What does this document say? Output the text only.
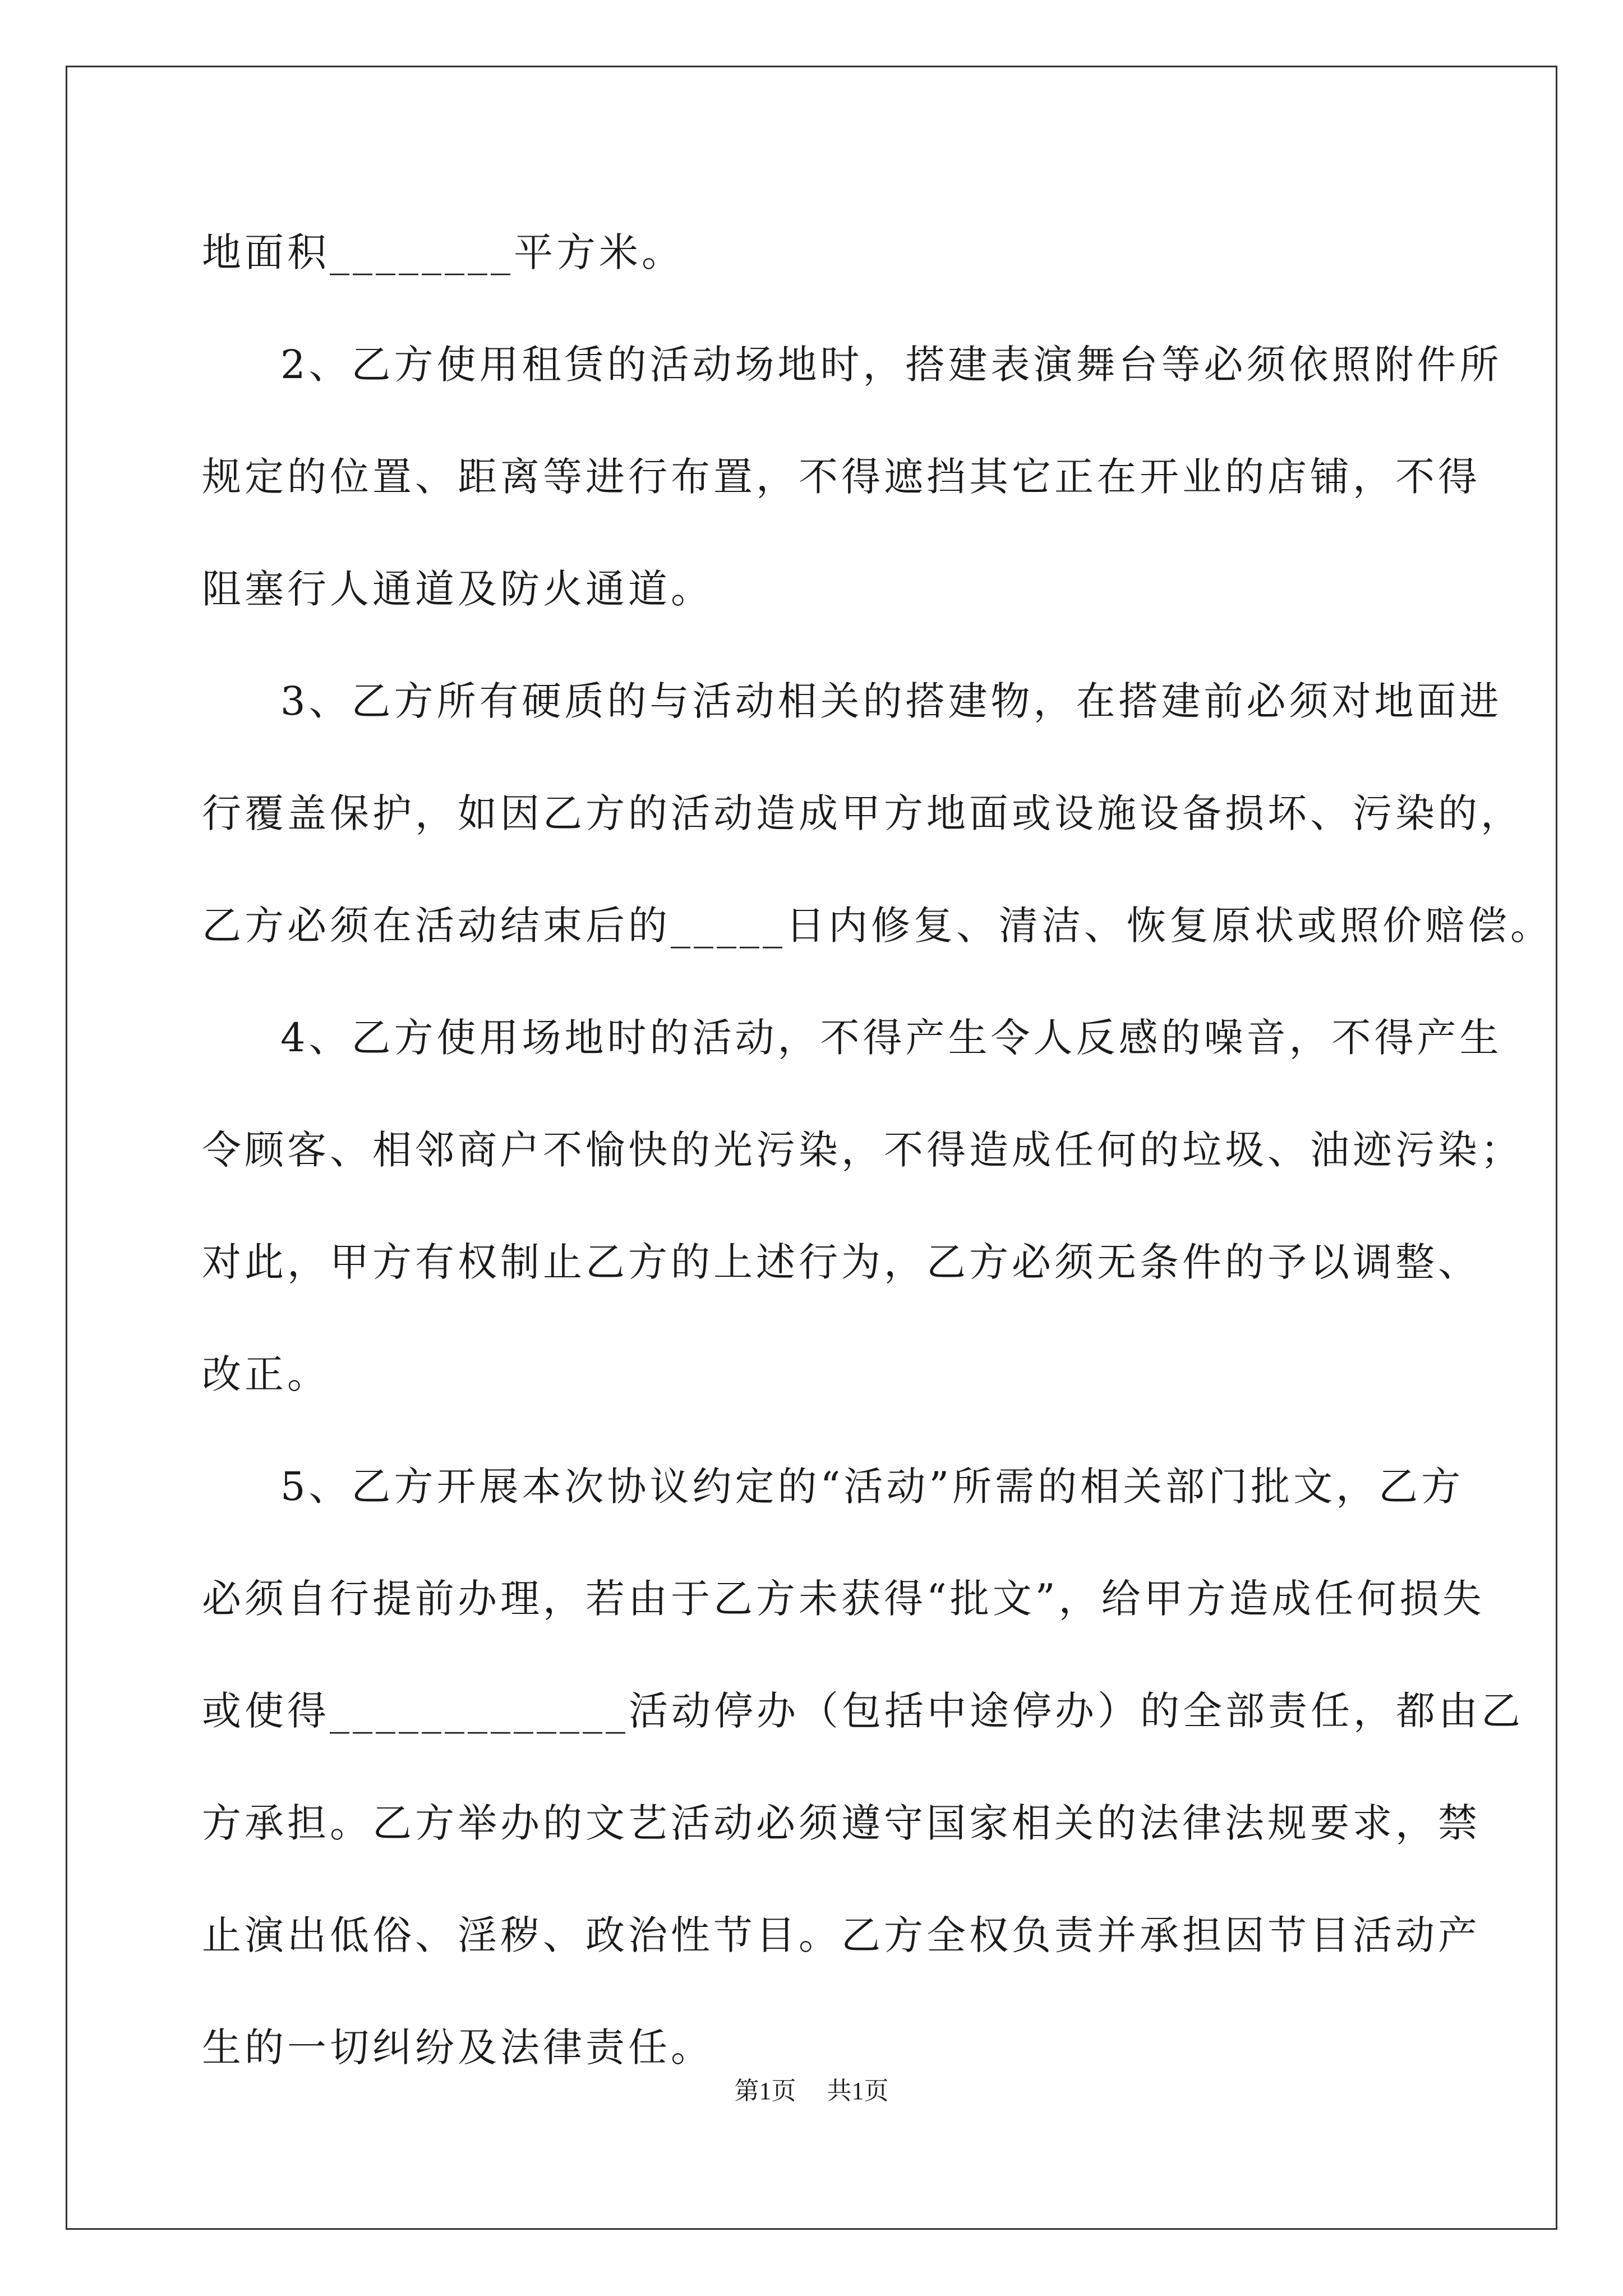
地面积________平方米。
2、乙方使用租赁的活动场地时，搭建表演舞台等必须依照附件所
规定的位置、距离等进行布置，不得遮挡其它正在开业的店铺，不得
阻塞行人通道及防火通道。
3、乙方所有硬质的与活动相关的搭建物，在搭建前必须对地面进
行覆盖保护，如因乙方的活动造成甲方地面或设施设备损坏、污染的，
乙方必须在活动结束后的_____日内修复、清洁、恢复原状或照价赔偿。
4、乙方使用场地时的活动，不得产生令人反感的噪音，不得产生
令顾客、相邻商户不愉快的光污染，不得造成任何的垃圾、油迹污染；
对此，甲方有权制止乙方的上述行为，乙方必须无条件的予以调整、
改正。
5、乙方开展本次协议约定的“活动”所需的相关部门批文，乙方
必须自行提前办理，若由于乙方未获得“批文”，给甲方造成任何损失
或使得_____________活动停办（包括中途停办）的全部责任，都由乙
方承担。乙方举办的文艺活动必须遵守国家相关的法律法规要求，禁
止演出低俗、淫秽、政治性节目。乙方全权负责并承担因节目活动产
生的一切纠纷及法律责任。
第1页 共1页
